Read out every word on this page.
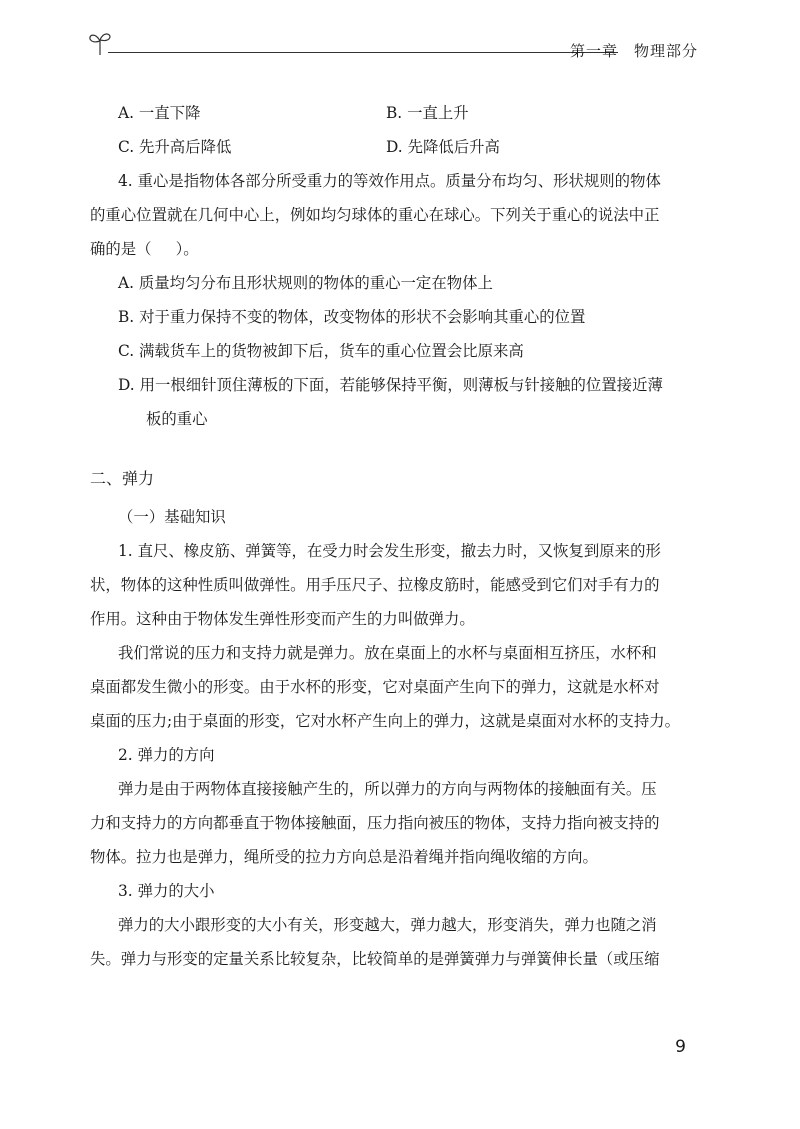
第一章 物理部分
A. 一直下降	B. 一直上升
C. 先升高后降低	D. 先降低后升高
4. 重心是指物体各部分所受重力的等效作用点。质量分布均匀、形状规则的物体
的重心位置就在几何中心上，例如均匀球体的重心在球心。下列关于重心的说法中正
确的是（ ）。
A. 质量均匀分布且形状规则的物体的重心一定在物体上
B. 对于重力保持不变的物体，改变物体的形状不会影响其重心的位置
C. 满载货车上的货物被卸下后，货车的重心位置会比原来高
D. 用一根细针顶住薄板的下面，若能够保持平衡，则薄板与针接触的位置接近薄
板的重心
二、弹力
（一）基础知识
1. 直尺、橡皮筋、弹簧等，在受力时会发生形变，撤去力时，又恢复到原来的形
状，物体的这种性质叫做弹性。用手压尺子、拉橡皮筋时，能感受到它们对手有力的
作用。这种由于物体发生弹性形变而产生的力叫做弹力。
我们常说的压力和支持力就是弹力。放在桌面上的水杯与桌面相互挤压，水杯和
桌面都发生微小的形变。由于水杯的形变，它对桌面产生向下的弹力，这就是水杯对
桌面的压力;由于桌面的形变，它对水杯产生向上的弹力，这就是桌面对水杯的支持力。
2. 弹力的方向
弹力是由于两物体直接接触产生的，所以弹力的方向与两物体的接触面有关。压
力和支持力的方向都垂直于物体接触面，压力指向被压的物体，支持力指向被支持的
物体。拉力也是弹力，绳所受的拉力方向总是沿着绳并指向绳收缩的方向。
3. 弹力的大小
弹力的大小跟形变的大小有关，形变越大，弹力越大，形变消失，弹力也随之消
失。弹力与形变的定量关系比较复杂，比较简单的是弹簧弹力与弹簧伸长量（或压缩
9
